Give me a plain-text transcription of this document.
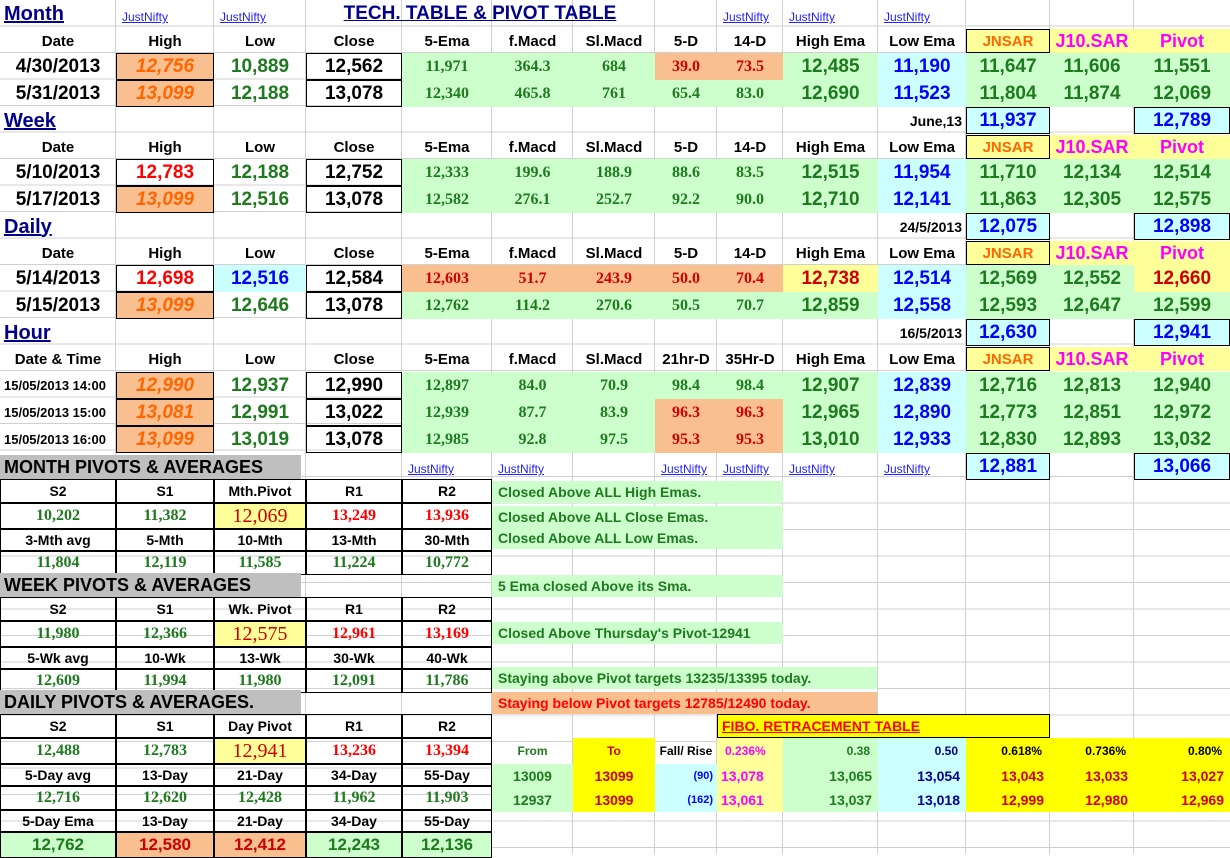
Month	JustNifty	JustNifty	TECH. TABLE & PIVOT TABLE	JustNifty	JustNifty	JustNifty
Date	High	Low	Close	5-Ema	f.Macd	Sl.Macd	5-D	14-D	High Ema	Low Ema	JNSAR	J10.SAR	Pivot
4/30/2013	12,756	10,889	12,562	11,971	364.3	684	39.0	73.5	12,485	11,190	11,647	11,606	11,551
5/31/2013	13,099	12,188	13,078	12,340	465.8	761	65.4	83.0	12,690	11,523	11,804	11,874	12,069
Week	June,13 11,937	12,789
Date	High	Low	Close	5-Ema	f.Macd	Sl.Macd	5-D	14-D	High Ema	Low Ema	JNSAR	J10.SAR	Pivot
5/10/2013	12,783	12,188	12,752	12,333	199.6	188.9	88.6	83.5	12,515	11,954	11,710	12,134	12,514
5/17/2013	13,099	12,516	13,078	12,582	276.1	252.7	92.2	90.0	12,710	12,141	11,863	12,305	12,575
Daily	24/5/2013 12,075	12,898
Date	High	Low	Close	5-Ema	f.Macd	Sl.Macd	5-D	14-D	High Ema	Low Ema	JNSAR	J10.SAR	Pivot
5/14/2013	12,698	12,516	12,584	12,603	51.7	243.9	50.0	70.4	12,738	12,514	12,569	12,552	12,660
5/15/2013	13,099	12,646	13,078	12,762	114.2	270.6	50.5	70.7	12,859	12,558	12,593	12,647	12,599
Hour	16/5/2013 12,630	12,941
Date & Time	High	Low	Close	5-Ema	f.Macd	Sl.Macd	21hr-D	35Hr-D	High Ema	Low Ema	JNSAR	J10.SAR	Pivot
15/05/2013 14:00	12,990	12,937	12,990	12,897	84.0	70.9	98.4	98.4	12,907	12,839	12,716	12,813	12,940
15/05/2013 15:00	13,081	12,991	13,022	12,939	87.7	83.9	96.3	96.3	12,965	12,890	12,773	12,851	12,972
15/05/2013 16:00	13,099	13,019	13,078	12,985	92.8	97.5	95.3	95.3	13,010	12,933	12,830	12,893	13,032
12,881	13,066
JustNifty	JustNifty	JustNifty	JustNifty	JustNifty	JustNifty
MONTH PIVOTS & AVERAGES
S2	S1	Mth.Pivot	R1	R2
10,202	11,382	12,069	13,249	13,936
3-Mth avg	5-Mth	10-Mth	13-Mth	30-Mth
11,804	12,119	11,585	11,224	10,772
WEEK PIVOTS & AVERAGES
S2	S1	Wk. Pivot	R1	R2
11,980	12,366	12,575	12,961	13,169
5-Wk avg	10-Wk	13-Wk	30-Wk	40-Wk
12,609	11,994	11,980	12,091	11,786
DAILY PIVOTS & AVERAGES.
S2	S1	Day Pivot	R1	R2
12,488	12,783	12,941	13,236	13,394
5-Day avg	13-Day	21-Day	34-Day	55-Day
12,716	12,620	12,428	11,962	11,903
5-Day Ema	13-Day	21-Day	34-Day	55-Day
12,762	12,580	12,412	12,243	12,136
Closed Above ALL High Emas.
Closed Above ALL Close Emas.
Closed Above ALL Low Emas.
5 Ema closed Above its Sma.
Closed Above Thursday's Pivot-12941
Staying above Pivot targets 13235/13395 today.
Staying below Pivot targets 12785/12490 today.
FIBO. RETRACEMENT TABLE
From	To	Fall/ Rise	0.236%	0.38	0.50	0.618%	0.736%	0.80%
13009	13099	(90) 13,078	13,065	13,054	13,043	13,033	13,027
12937	13099	(162) 13,061	13,037	13,018	12,999	12,980	12,969
